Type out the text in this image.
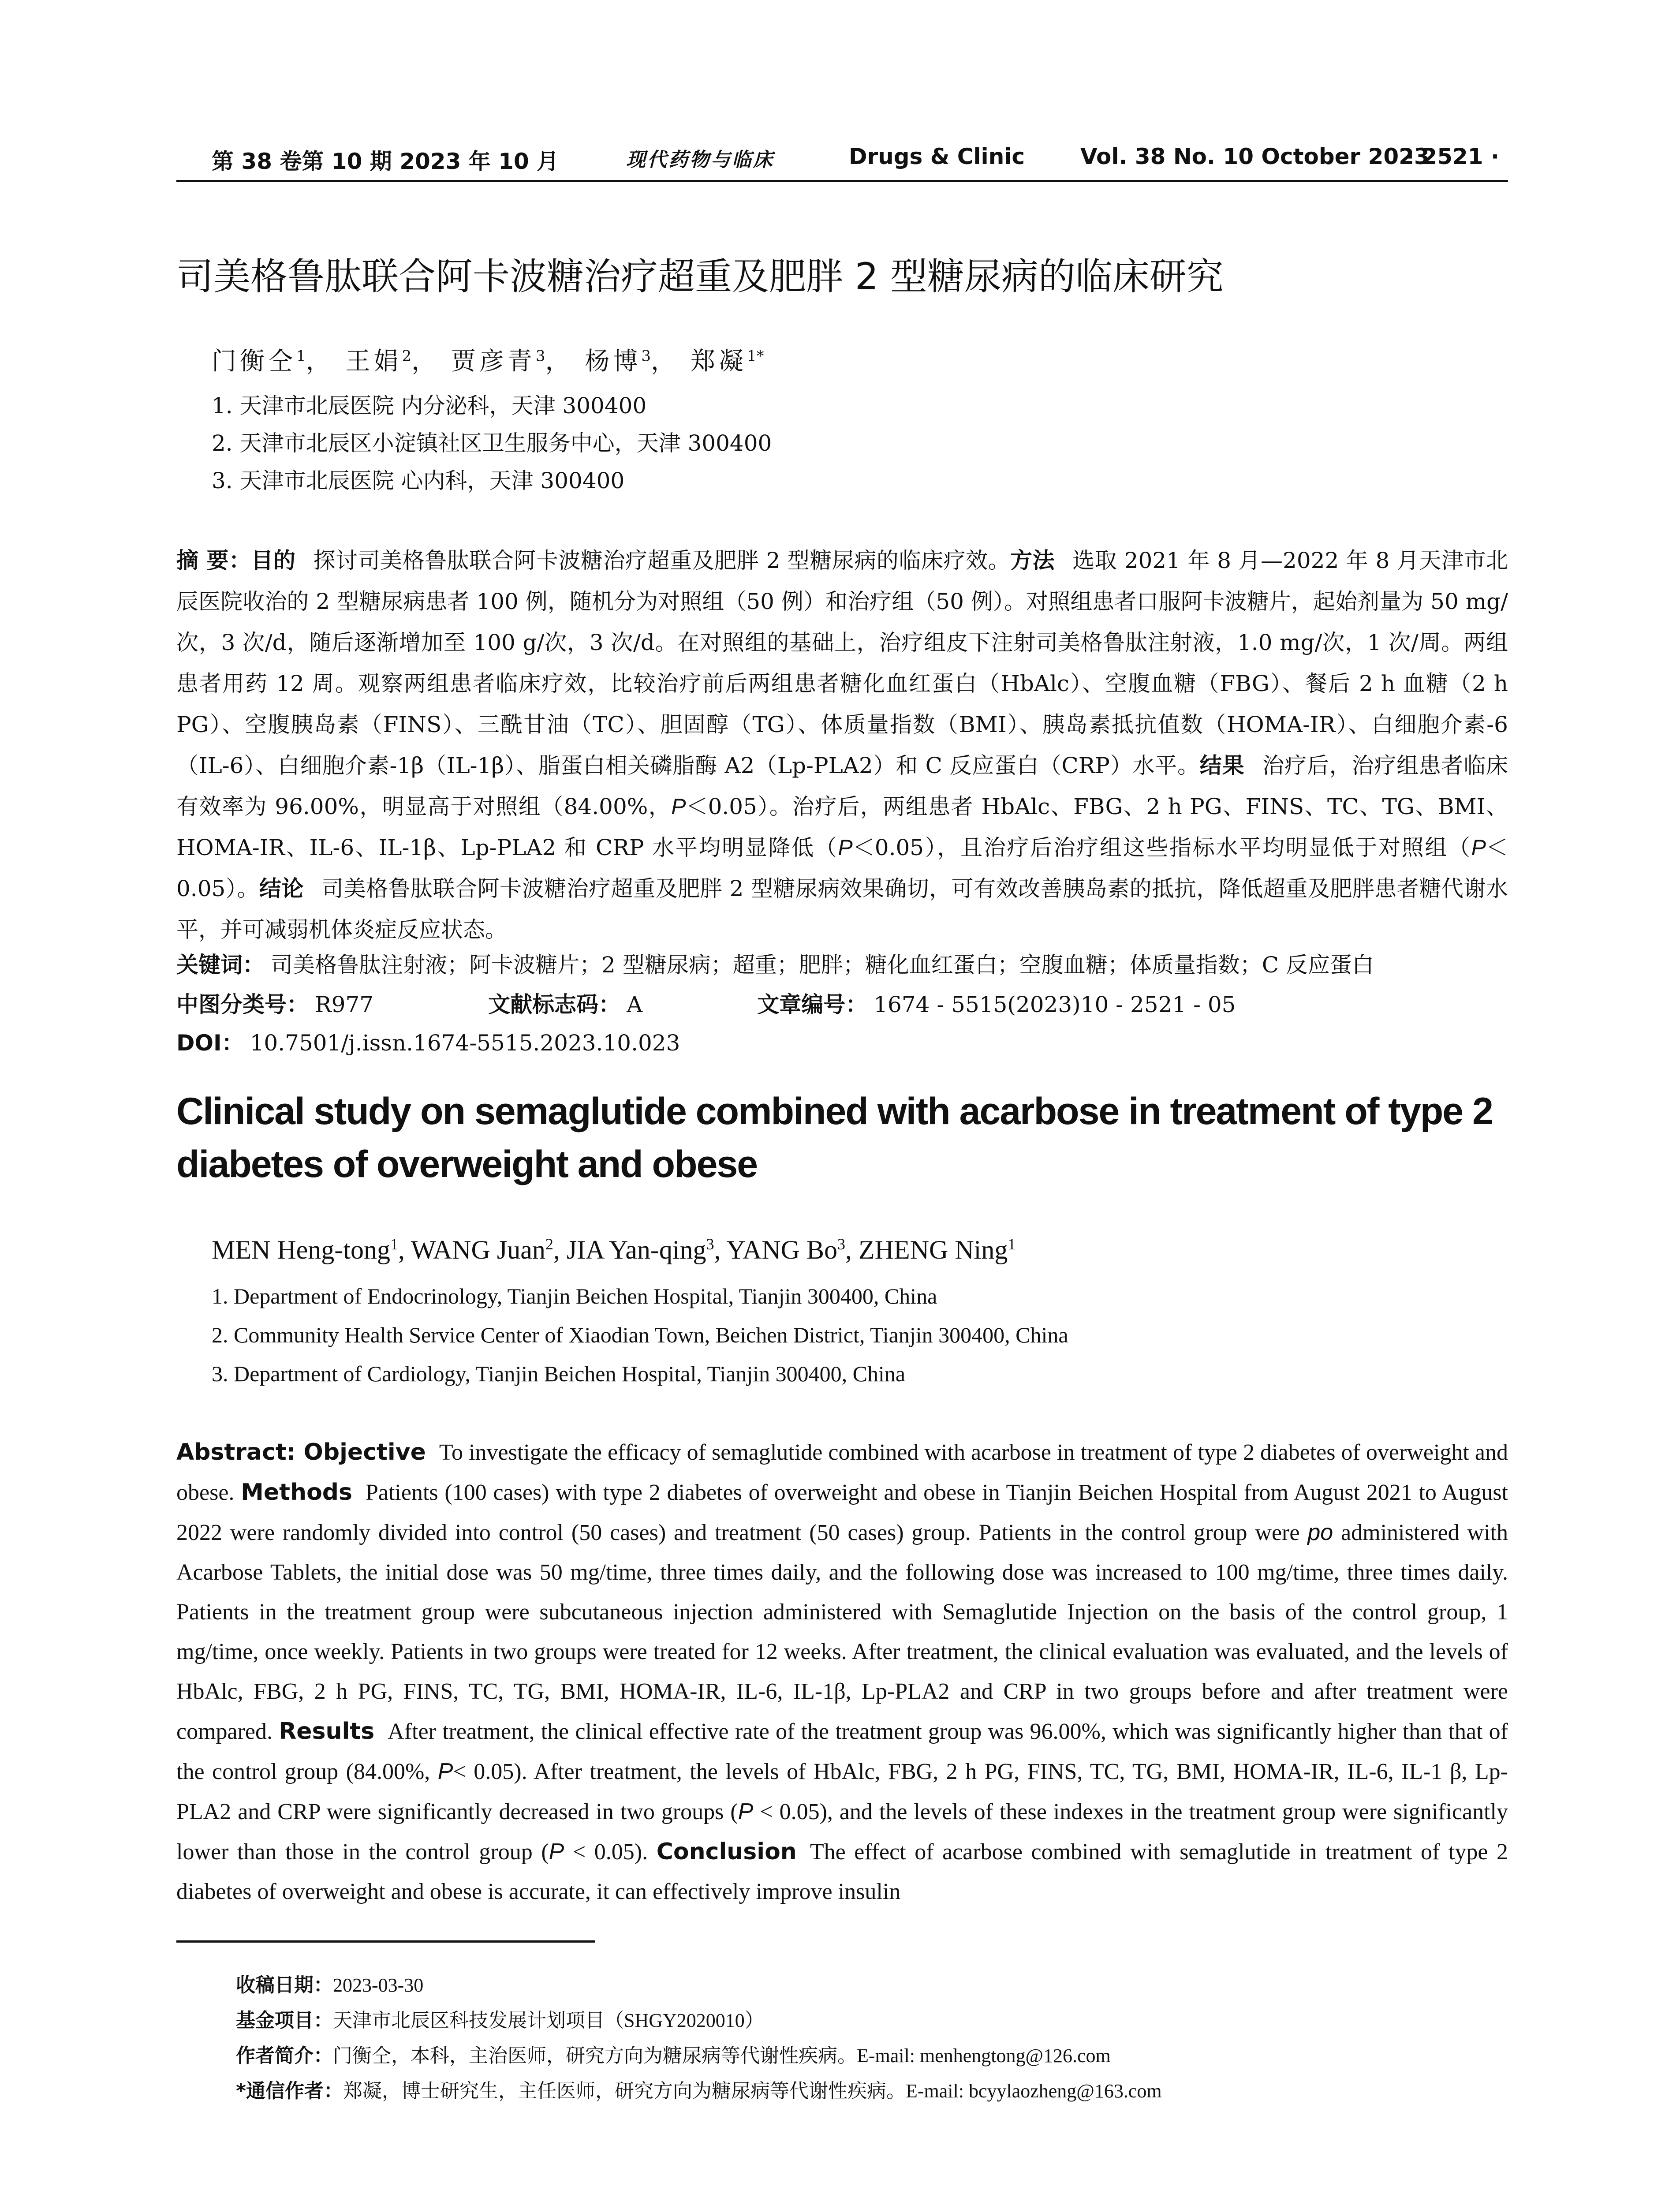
第 38 卷第 10 期 2023 年 10 月	现代药物与临床	Drugs & Clinic	Vol. 38 No. 10 October 2023
· 2521 ·
司美格鲁肽联合阿卡波糖治疗超重及肥胖 2 型糖尿病的临床研究
门衡仝$^1$， 王娟$^2$， 贾彦青$^3$， 杨博$^3$， 郑凝$^{1*}$
1. 天津市北辰医院 内分泌科，天津 300400
2. 天津市北辰区小淀镇社区卫生服务中心，天津 300400
3. 天津市北辰医院 心内科，天津 300400
摘 要：目的 探讨司美格鲁肽联合阿卡波糖治疗超重及肥胖 2 型糖尿病的临床疗效。方法 选取 2021 年 8 月—2022 年 8 月天津市北辰医院收治的 2 型糖尿病患者 100 例，随机分为对照组（50 例）和治疗组（50 例）。对照组患者口服阿卡波糖片，起始剂量为 50 mg/次，3 次/d，随后逐渐增加至 100 g/次，3 次/d。在对照组的基础上，治疗组皮下注射司美格鲁肽注射液，1.0 mg/次，1 次/周。两组患者用药 12 周。观察两组患者临床疗效，比较治疗前后两组患者糖化血红蛋白（HbAlc）、空腹血糖（FBG）、餐后 2 h 血糖（2 h PG）、空腹胰岛素（FINS）、三酰甘油（TC）、胆固醇（TG）、体质量指数（BMI）、胰岛素抵抗值数（HOMA-IR）、白细胞介素-6（IL-6）、白细胞介素-1β（IL-1β）、脂蛋白相关磷脂酶 A2（Lp-PLA2）和 C 反应蛋白（CRP）水平。结果 治疗后，治疗组患者临床有效率为 96.00%，明显高于对照组（84.00%，P＜0.05）。治疗后，两组患者 HbAlc、FBG、2 h PG、FINS、TC、TG、BMI、HOMA-IR、IL-6、IL-1β、Lp-PLA2 和 CRP 水平均明显降低（P＜0.05），且治疗后治疗组这些指标水平均明显低于对照组（P＜0.05）。结论 司美格鲁肽联合阿卡波糖治疗超重及肥胖 2 型糖尿病效果确切，可有效改善胰岛素的抵抗，降低超重及肥胖患者糖代谢水平，并可减弱机体炎症反应状态。
关键词： 司美格鲁肽注射液；阿卡波糖片；2 型糖尿病；超重；肥胖；糖化血红蛋白；空腹血糖；体质量指数；C 反应蛋白
中图分类号： R977	文献标志码： A	文章编号： 1674 - 5515(2023)10 - 2521 - 05
DOI： 10.7501/j.issn.1674-5515.2023.10.023
Clinical study on semaglutide combined with acarbose in treatment of type 2 diabetes of overweight and obese
MEN Heng-tong$^1$, WANG Juan$^2$, JIA Yan-qing$^3$, YANG Bo$^3$, ZHENG Ning$^1$
1. Department of Endocrinology, Tianjin Beichen Hospital, Tianjin 300400, China
2. Community Health Service Center of Xiaodian Town, Beichen District, Tianjin 300400, China
3. Department of Cardiology, Tianjin Beichen Hospital, Tianjin 300400, China
Abstract: Objective To investigate the efficacy of semaglutide combined with acarbose in treatment of type 2 diabetes of overweight and obese. Methods Patients (100 cases) with type 2 diabetes of overweight and obese in Tianjin Beichen Hospital from August 2021 to August 2022 were randomly divided into control (50 cases) and treatment (50 cases) group. Patients in the control group were po administered with Acarbose Tablets, the initial dose was 50 mg/time, three times daily, and the following dose was increased to 100 mg/time, three times daily. Patients in the treatment group were subcutaneous injection administered with Semaglutide Injection on the basis of the control group, 1 mg/time, once weekly. Patients in two groups were treated for 12 weeks. After treatment, the clinical evaluation was evaluated, and the levels of HbAlc, FBG, 2 h PG, FINS, TC, TG, BMI, HOMA-IR, IL-6, IL-1β, Lp-PLA2 and CRP in two groups before and after treatment were compared. Results After treatment, the clinical effective rate of the treatment group was 96.00%, which was significantly higher than that of the control group (84.00%, P< 0.05). After treatment, the levels of HbAlc, FBG, 2 h PG, FINS, TC, TG, BMI, HOMA-IR, IL-6, IL-1 β, Lp-PLA2 and CRP were significantly decreased in two groups (P < 0.05), and the levels of these indexes in the treatment group were significantly lower than those in the control group (P < 0.05). Conclusion The effect of acarbose combined with semaglutide in treatment of type 2 diabetes of overweight and obese is accurate, it can effectively improve insulin
收稿日期：2023-03-30
基金项目：天津市北辰区科技发展计划项目（SHGY2020010）
作者简介：门衡仝，本科，主治医师，研究方向为糖尿病等代谢性疾病。E-mail: menhengtong@126.com
*通信作者：郑凝，博士研究生，主任医师，研究方向为糖尿病等代谢性疾病。E-mail: bcyylaozheng@163.com
